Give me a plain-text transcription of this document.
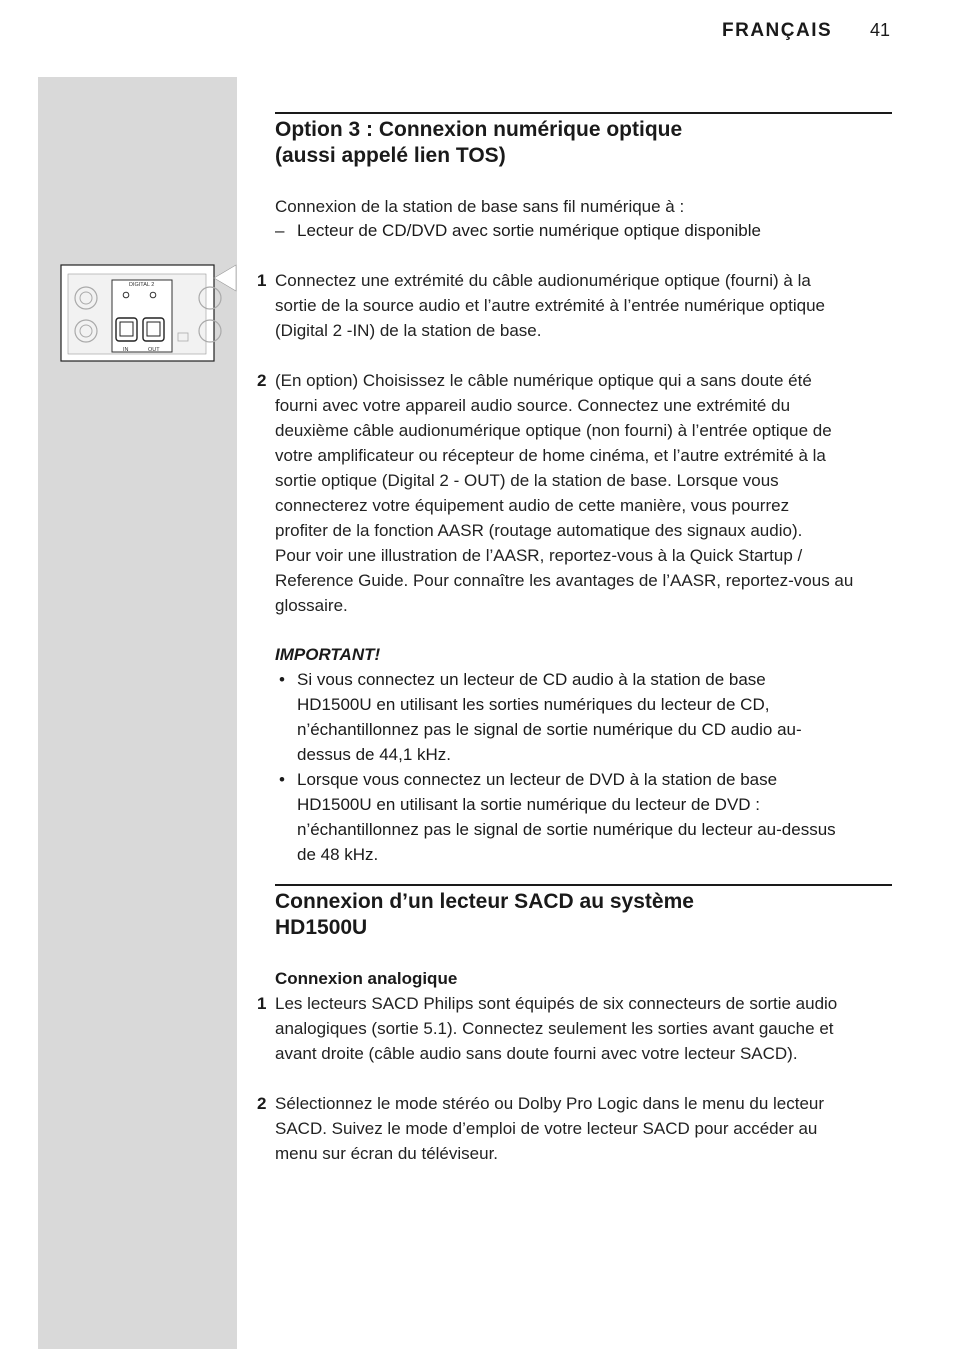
FRANÇAIS 41
DIGITAL 2
IN	OUT
Option 3 : Connexion numérique optique
(aussi appelé lien TOS)
Connexion de la station de base sans fil numérique à :
– Lecteur de CD/DVD avec sortie numérique optique disponible
1 Connectez une extrémité du câble audionumérique optique (fourni) à la
sortie de la source audio et l’autre extrémité à l’entrée numérique optique
(Digital 2 -IN) de la station de base.
2 (En option) Choisissez le câble numérique optique qui a sans doute été
fourni avec votre appareil audio source. Connectez une extrémité du
deuxième câble audionumérique optique (non fourni) à l’entrée optique de
votre amplificateur ou récepteur de home cinéma, et l’autre extrémité à la
sortie optique (Digital 2 - OUT) de la station de base. Lorsque vous
connecterez votre équipement audio de cette manière, vous pourrez
profiter de la fonction AASR (routage automatique des signaux audio).
Pour voir une illustration de l’AASR, reportez-vous à la Quick Startup /
Reference Guide. Pour connaître les avantages de l’AASR, reportez-vous au
glossaire.
IMPORTANT!
• Si vous connectez un lecteur de CD audio à la station de base
HD1500U en utilisant les sorties numériques du lecteur de CD,
n’échantillonnez pas le signal de sortie numérique du CD audio au-
dessus de 44,1 kHz.
• Lorsque vous connectez un lecteur de DVD à la station de base
HD1500U en utilisant la sortie numérique du lecteur de DVD :
n’échantillonnez pas le signal de sortie numérique du lecteur au-dessus
de 48 kHz.
Connexion d’un lecteur SACD au système
HD1500U
Connexion analogique
1 Les lecteurs SACD Philips sont équipés de six connecteurs de sortie audio
analogiques (sortie 5.1). Connectez seulement les sorties avant gauche et
avant droite (câble audio sans doute fourni avec votre lecteur SACD).
2 Sélectionnez le mode stéréo ou Dolby Pro Logic dans le menu du lecteur
SACD. Suivez le mode d’emploi de votre lecteur SACD pour accéder au
menu sur écran du téléviseur.
